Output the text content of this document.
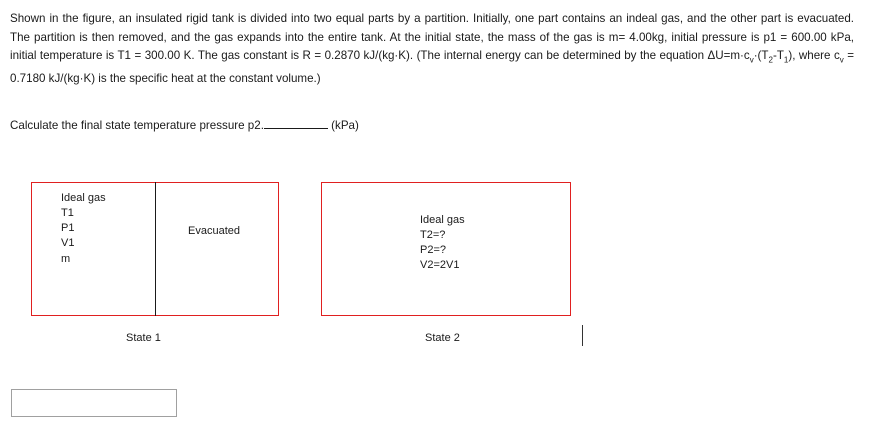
Shown in the figure, an insulated rigid tank is divided into two equal parts by a partition. Initially, one part contains an indeal gas, and the other part is evacuated. The partition is then removed, and the gas expands into the entire tank. At the initial state, the mass of the gas is m= 4.00kg, initial pressure is p1 = 600.00 kPa, initial temperature is T1 = 300.00 K. The gas constant is R = 0.2870 kJ/(kg·K). (The internal energy can be determined by the equation $\Delta U=m\cdot c_v\cdot(T_2-T_1)$, where $c_v = 0.7180$ kJ/(kg·K) is the specific heat at the constant volume.)
Calculate the final state temperature pressure p2.	(kPa)
Ideal gas
T1
P1
V1
m
Evacuated
State 1
Ideal gas
T2=?
P2=?
V2=2V1
State 2
